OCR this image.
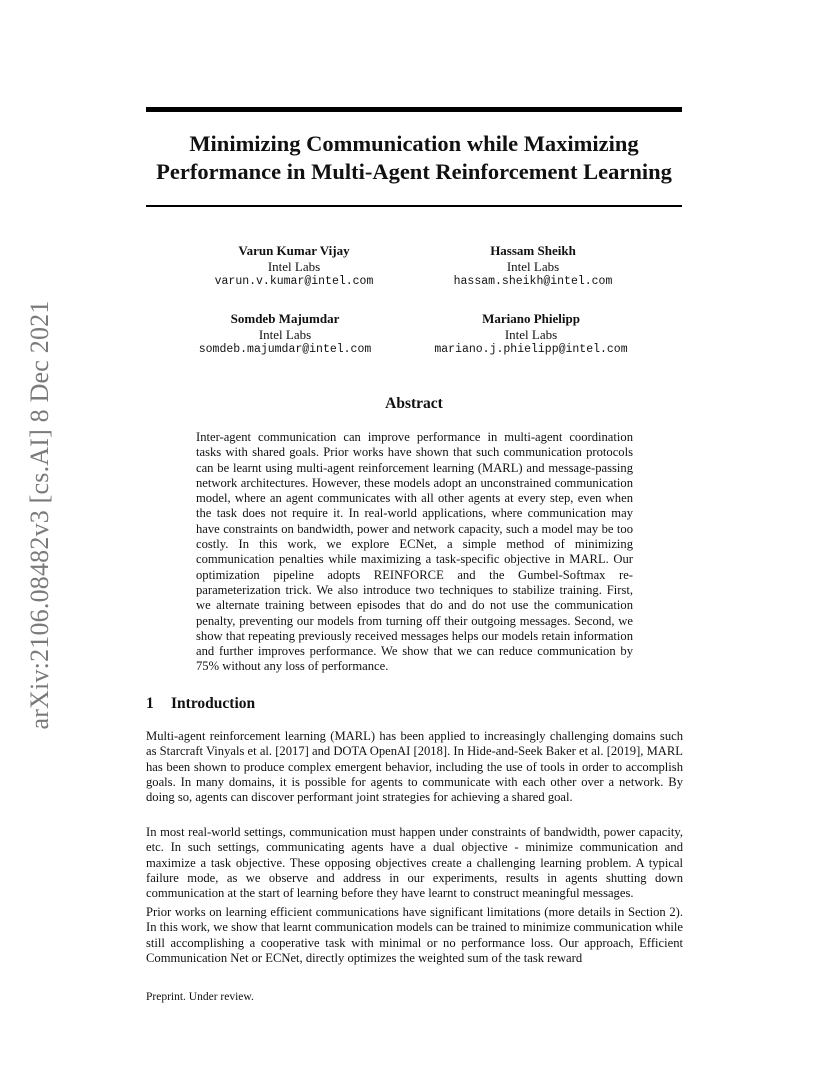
arXiv:2106.08482v3 [cs.AI] 8 Dec 2021
Minimizing Communication while Maximizing
Performance in Multi-Agent Reinforcement Learning
Varun Kumar Vijay
Intel Labs
varun.v.kumar@intel.com
Hassam Sheikh
Intel Labs
hassam.sheikh@intel.com
Somdeb Majumdar
Intel Labs
somdeb.majumdar@intel.com
Mariano Phielipp
Intel Labs
mariano.j.phielipp@intel.com
Abstract
Inter-agent communication can improve performance in multi-agent coordination tasks with shared goals. Prior works have shown that such communication protocols can be learnt using multi-agent reinforcement learning (MARL) and message-passing network architectures. However, these models adopt an unconstrained communication model, where an agent communicates with all other agents at every step, even when the task does not require it. In real-world applications, where communication may have constraints on bandwidth, power and network capacity, such a model may be too costly. In this work, we explore ECNet, a simple method of minimizing communication penalties while maximizing a task-specific objective in MARL. Our optimization pipeline adopts REINFORCE and the Gumbel-Softmax re-parameterization trick. We also introduce two techniques to stabilize training. First, we alternate training between episodes that do and do not use the communication penalty, preventing our models from turning off their outgoing messages. Second, we show that repeating previously received messages helps our models retain information and further improves performance. We show that we can reduce communication by 75% without any loss of performance.
1 Introduction

Multi-agent reinforcement learning (MARL) has been applied to increasingly challenging domains such as Starcraft Vinyals et al. [2017] and DOTA OpenAI [2018]. In Hide-and-Seek Baker et al. [2019], MARL has been shown to produce complex emergent behavior, including the use of tools in order to accomplish goals. In many domains, it is possible for agents to communicate with each other over a network. By doing so, agents can discover performant joint strategies for achieving a shared goal.

In most real-world settings, communication must happen under constraints of bandwidth, power capacity, etc. In such settings, communicating agents have a dual objective - minimize communication and maximize a task objective. These opposing objectives create a challenging learning problem. A typical failure mode, as we observe and address in our experiments, results in agents shutting down communication at the start of learning before they have learnt to construct meaningful messages.

Prior works on learning efficient communications have significant limitations (more details in Section 2). In this work, we show that learnt communication models can be trained to minimize communication while still accomplishing a cooperative task with minimal or no performance loss. Our approach, Efficient Communication Net or ECNet, directly optimizes the weighted sum of the task reward

Preprint. Under review.
